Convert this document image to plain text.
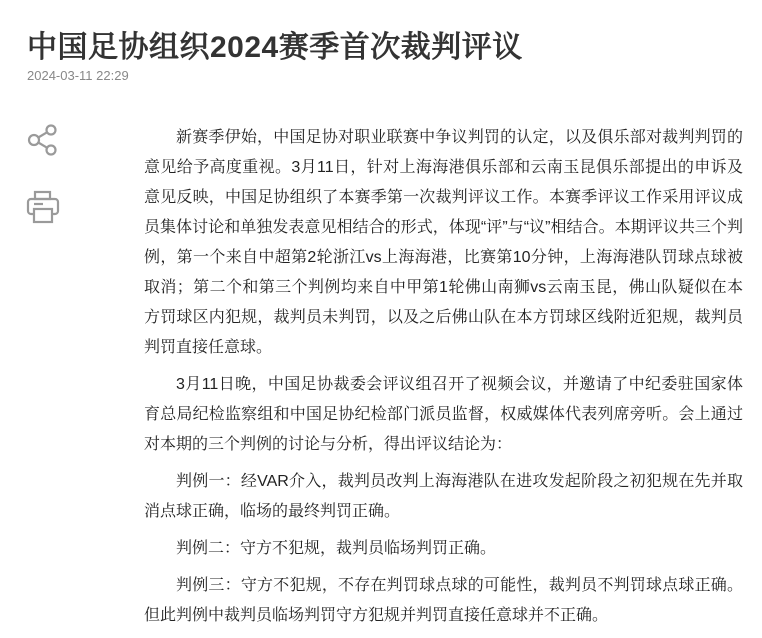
中国足协组织2024赛季首次裁判评议
2024-03-11 22:29

新赛季伊始，中国足协对职业联赛中争议判罚的认定，以及俱乐部对裁判判罚的意见给予高度重视。3月11日，针对上海海港俱乐部和云南玉昆俱乐部提出的申诉及意见反映，中国足协组织了本赛季第一次裁判评议工作。本赛季评议工作采用评议成员集体讨论和单独发表意见相结合的形式，体现“评”与“议”相结合。本期评议共三个判例，第一个来自中超第2轮浙江vs上海海港，比赛第10分钟，上海海港队罚球点球被取消；第二个和第三个判例均来自中甲第1轮佛山南狮vs云南玉昆，佛山队疑似在本方罚球区内犯规，裁判员未判罚，以及之后佛山队在本方罚球区线附近犯规，裁判员判罚直接任意球。

3月11日晚，中国足协裁委会评议组召开了视频会议，并邀请了中纪委驻国家体育总局纪检监察组和中国足协纪检部门派员监督，权威媒体代表列席旁听。会上通过对本期的三个判例的讨论与分析，得出评议结论为：

判例一：经VAR介入，裁判员改判上海海港队在进攻发起阶段之初犯规在先并取消点球正确，临场的最终判罚正确。

判例二：守方不犯规，裁判员临场判罚正确。

判例三：守方不犯规，不存在判罚球点球的可能性，裁判员不判罚球点球正确。但此判例中裁判员临场判罚守方犯规并判罚直接任意球并不正确。
